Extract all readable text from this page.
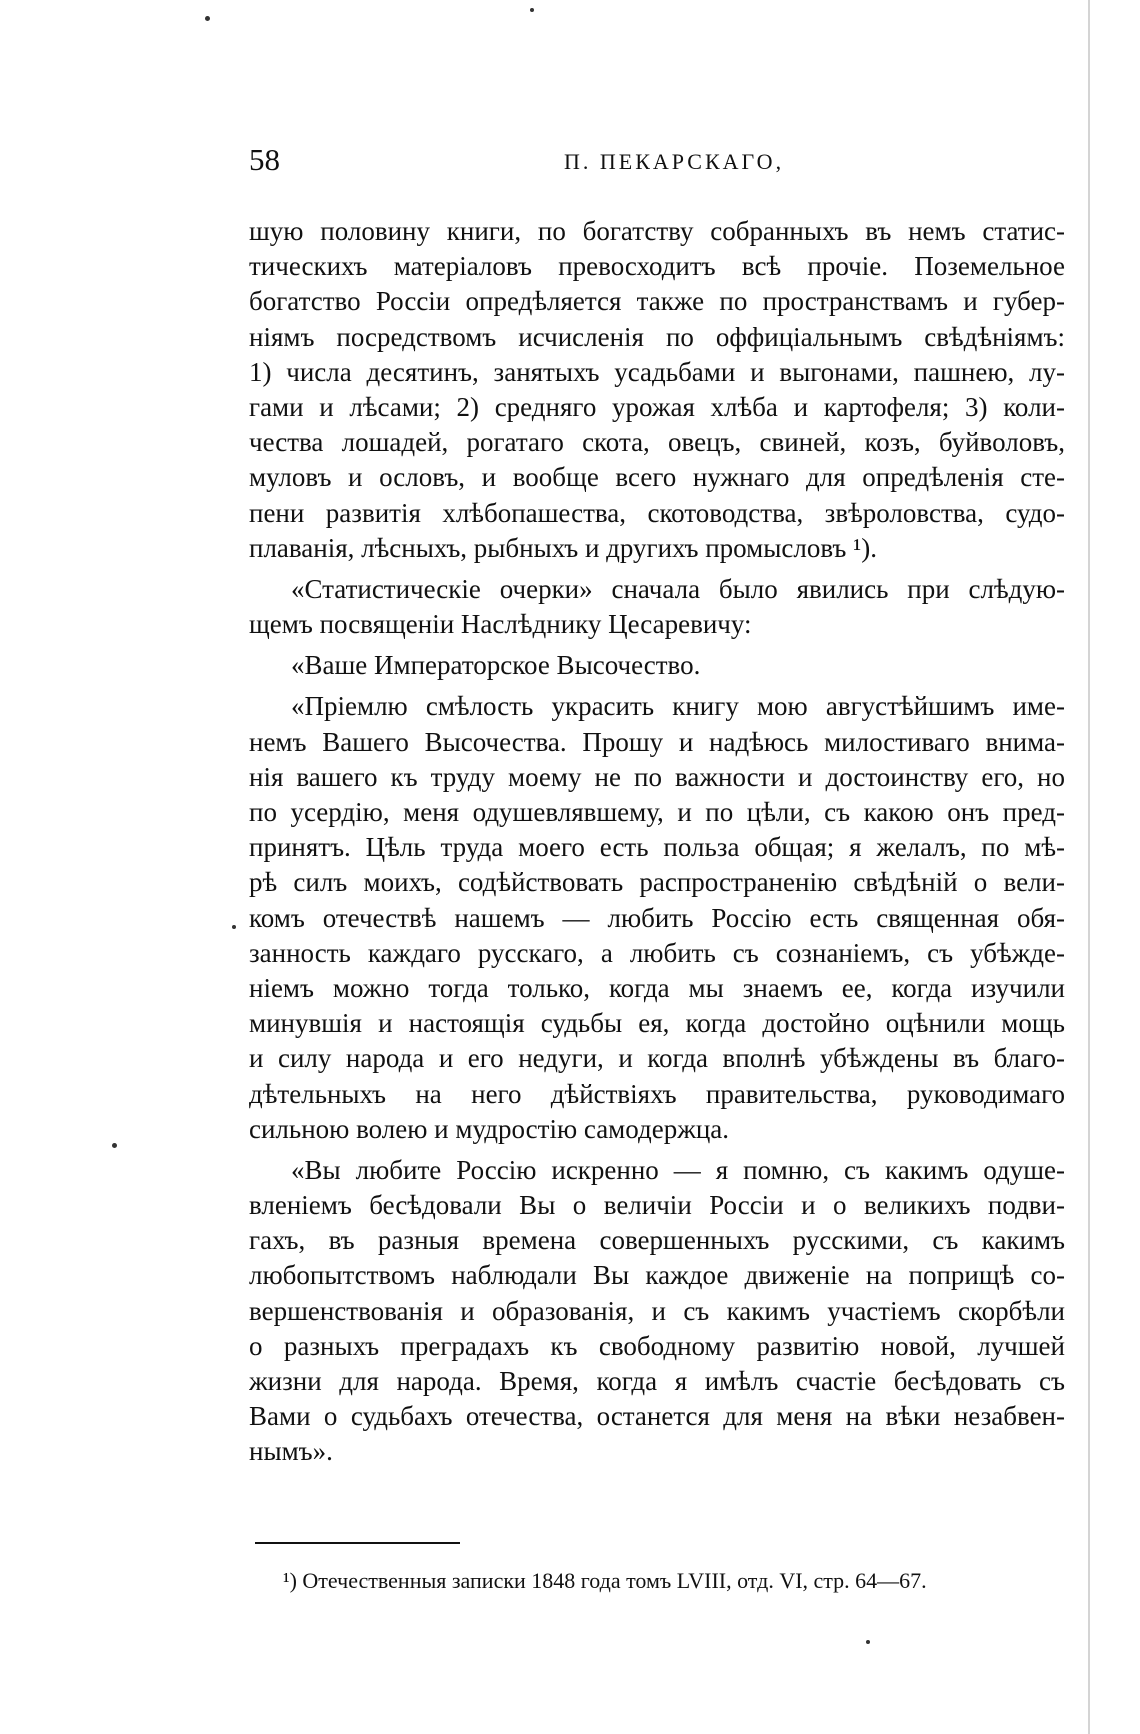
58	П. ПЕКАРСКАГО,
шую половину книги, по богатству собранныхъ въ немъ статис-
тическихъ матеріаловъ превосходитъ всѣ прочіе. Поземельное
богатство Россіи опредѣляется также по пространствамъ и губер-
ніямъ посредствомъ исчисленія по оффиціальнымъ свѣдѣніямъ:
1) числа десятинъ, занятыхъ усадьбами и выгонами, пашнею, лу-
гами и лѣсами; 2) средняго урожая хлѣба и картофеля; 3) коли-
чества лошадей, рогатаго скота, овецъ, свиней, козъ, буйволовъ,
муловъ и ословъ, и вообще всего нужнаго для опредѣленія сте-
пени развитія хлѣбопашества, скотоводства, звѣроловства, судо-
плаванія, лѣсныхъ, рыбныхъ и другихъ промысловъ ¹).
«Статистическіе очерки» сначала было явились при слѣдую-
щемъ посвященіи Наслѣднику Цесаревичу:
«Ваше Императорское Высочество.
«Пріемлю смѣлость украсить книгу мою августѣйшимъ име-
немъ Вашего Высочества. Прошу и надѣюсь милостиваго внима-
нія вашего къ труду моему не по важности и достоинству его, но
по усердію, меня одушевлявшему, и по цѣли, съ какою онъ пред-
принятъ. Цѣль труда моего есть польза общая; я желалъ, по мѣ-
рѣ силъ моихъ, содѣйствовать распространенію свѣдѣній о вели-
комъ отечествѣ нашемъ — любить Россію есть священная обя-
занность каждаго русскаго, а любить съ сознаніемъ, съ убѣжде-
ніемъ можно тогда только, когда мы знаемъ ее, когда изучили
минувшія и настоящія судьбы ея, когда достойно оцѣнили мощь
и силу народа и его недуги, и когда вполнѣ убѣждены въ благо-
дѣтельныхъ на него дѣйствіяхъ правительства, руководимаго
сильною волею и мудростію самодержца.
«Вы любите Россію искренно — я помню, съ какимъ одуше-
вленіемъ бесѣдовали Вы о величіи Россіи и о великихъ подви-
гахъ, въ разныя времена совершенныхъ русскими, съ какимъ
любопытствомъ наблюдали Вы каждое движеніе на поприщѣ со-
вершенствованія и образованія, и съ какимъ участіемъ скорбѣли
о разныхъ преградахъ къ свободному развитію новой, лучшей
жизни для народа. Время, когда я имѣлъ счастіе бесѣдовать съ
Вами о судьбахъ отечества, останется для меня на вѣки незабвен-
нымъ».
¹) Отечественныя записки 1848 года томъ LVIII, отд. VI, стр. 64—67.
